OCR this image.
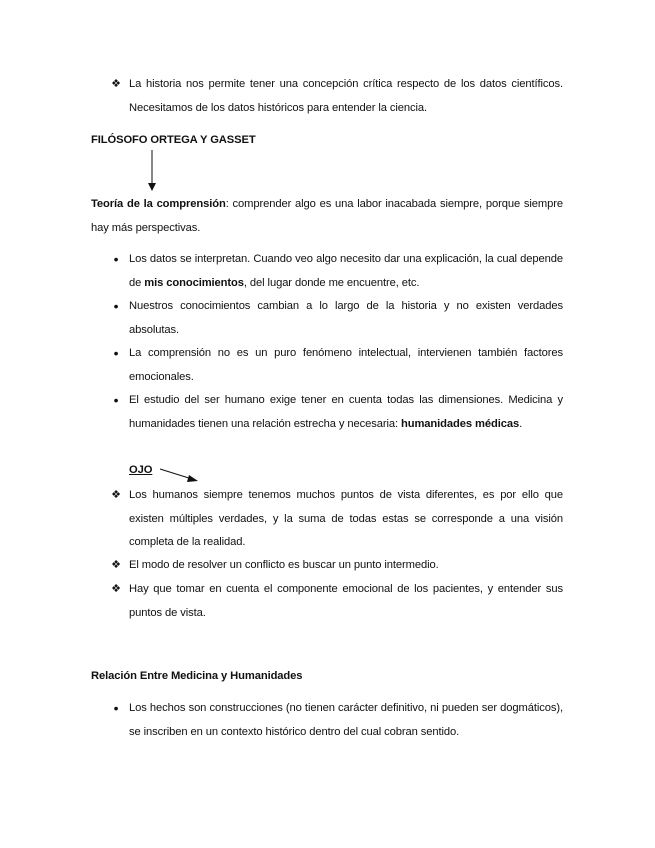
❖ La historia nos permite tener una concepción crítica respecto de los datos científicos. Necesitamos de los datos históricos para entender la ciencia.
FILÓSOFO ORTEGA Y GASSET
Teoría de la comprensión: comprender algo es una labor inacabada siempre, porque siempre hay más perspectivas.
• Los datos se interpretan. Cuando veo algo necesito dar una explicación, la cual depende de mis conocimientos, del lugar donde me encuentre, etc.
• Nuestros conocimientos cambian a lo largo de la historia y no existen verdades absolutas.
• La comprensión no es un puro fenómeno intelectual, intervienen también factores emocionales.
• El estudio del ser humano exige tener en cuenta todas las dimensiones. Medicina y humanidades tienen una relación estrecha y necesaria: humanidades médicas.
OJO
❖ Los humanos siempre tenemos muchos puntos de vista diferentes, es por ello que existen múltiples verdades, y la suma de todas estas se corresponde a una visión completa de la realidad.
❖ El modo de resolver un conflicto es buscar un punto intermedio.
❖ Hay que tomar en cuenta el componente emocional de los pacientes, y entender sus puntos de vista.
Relación Entre Medicina y Humanidades
• Los hechos son construcciones (no tienen carácter definitivo, ni pueden ser dogmáticos), se inscriben en un contexto histórico dentro del cual cobran sentido.
